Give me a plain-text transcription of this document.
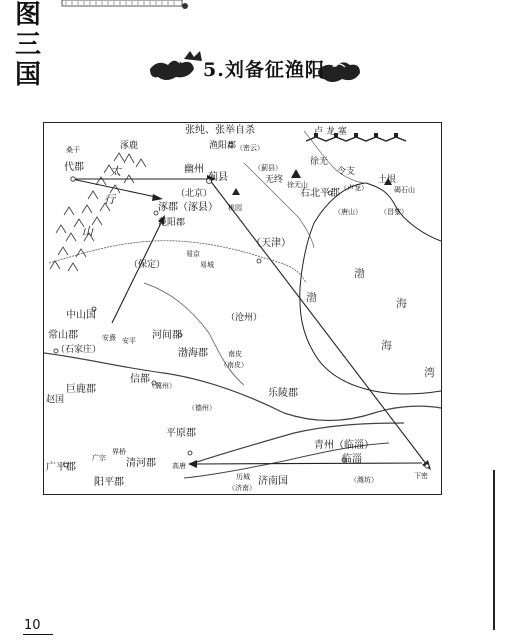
图
三
国	5.刘备征渔阳
张纯、张举自杀
桑干	涿鹿
代郡	幽州
蓟县
（北京）
渔阳郡 （密云）
（蓟县）
无终
徐无
徐无山
令支
（卢龙）
右北平郡
（唐山）
土垠
碣石山
（昌黎）
桃园
卢 龙 塞
涿郡（涿县）
范阳郡
易京
易城
（保定）
（天津）
中山国
安熹 安平
常山郡
（石家庄）
河间郡
渤海郡	南皮
（南皮）
（沧州）
巨鹿郡
赵国
信都
（冀州）
（德州）
乐陵郡
平原郡
高唐
清河郡
广宗
界桥
广平郡
阳平郡	历城
（济南）
济南国
青州（临淄）
临淄
下密
（潍坊）
太
行
山
渤
海
渤
海
湾
10
